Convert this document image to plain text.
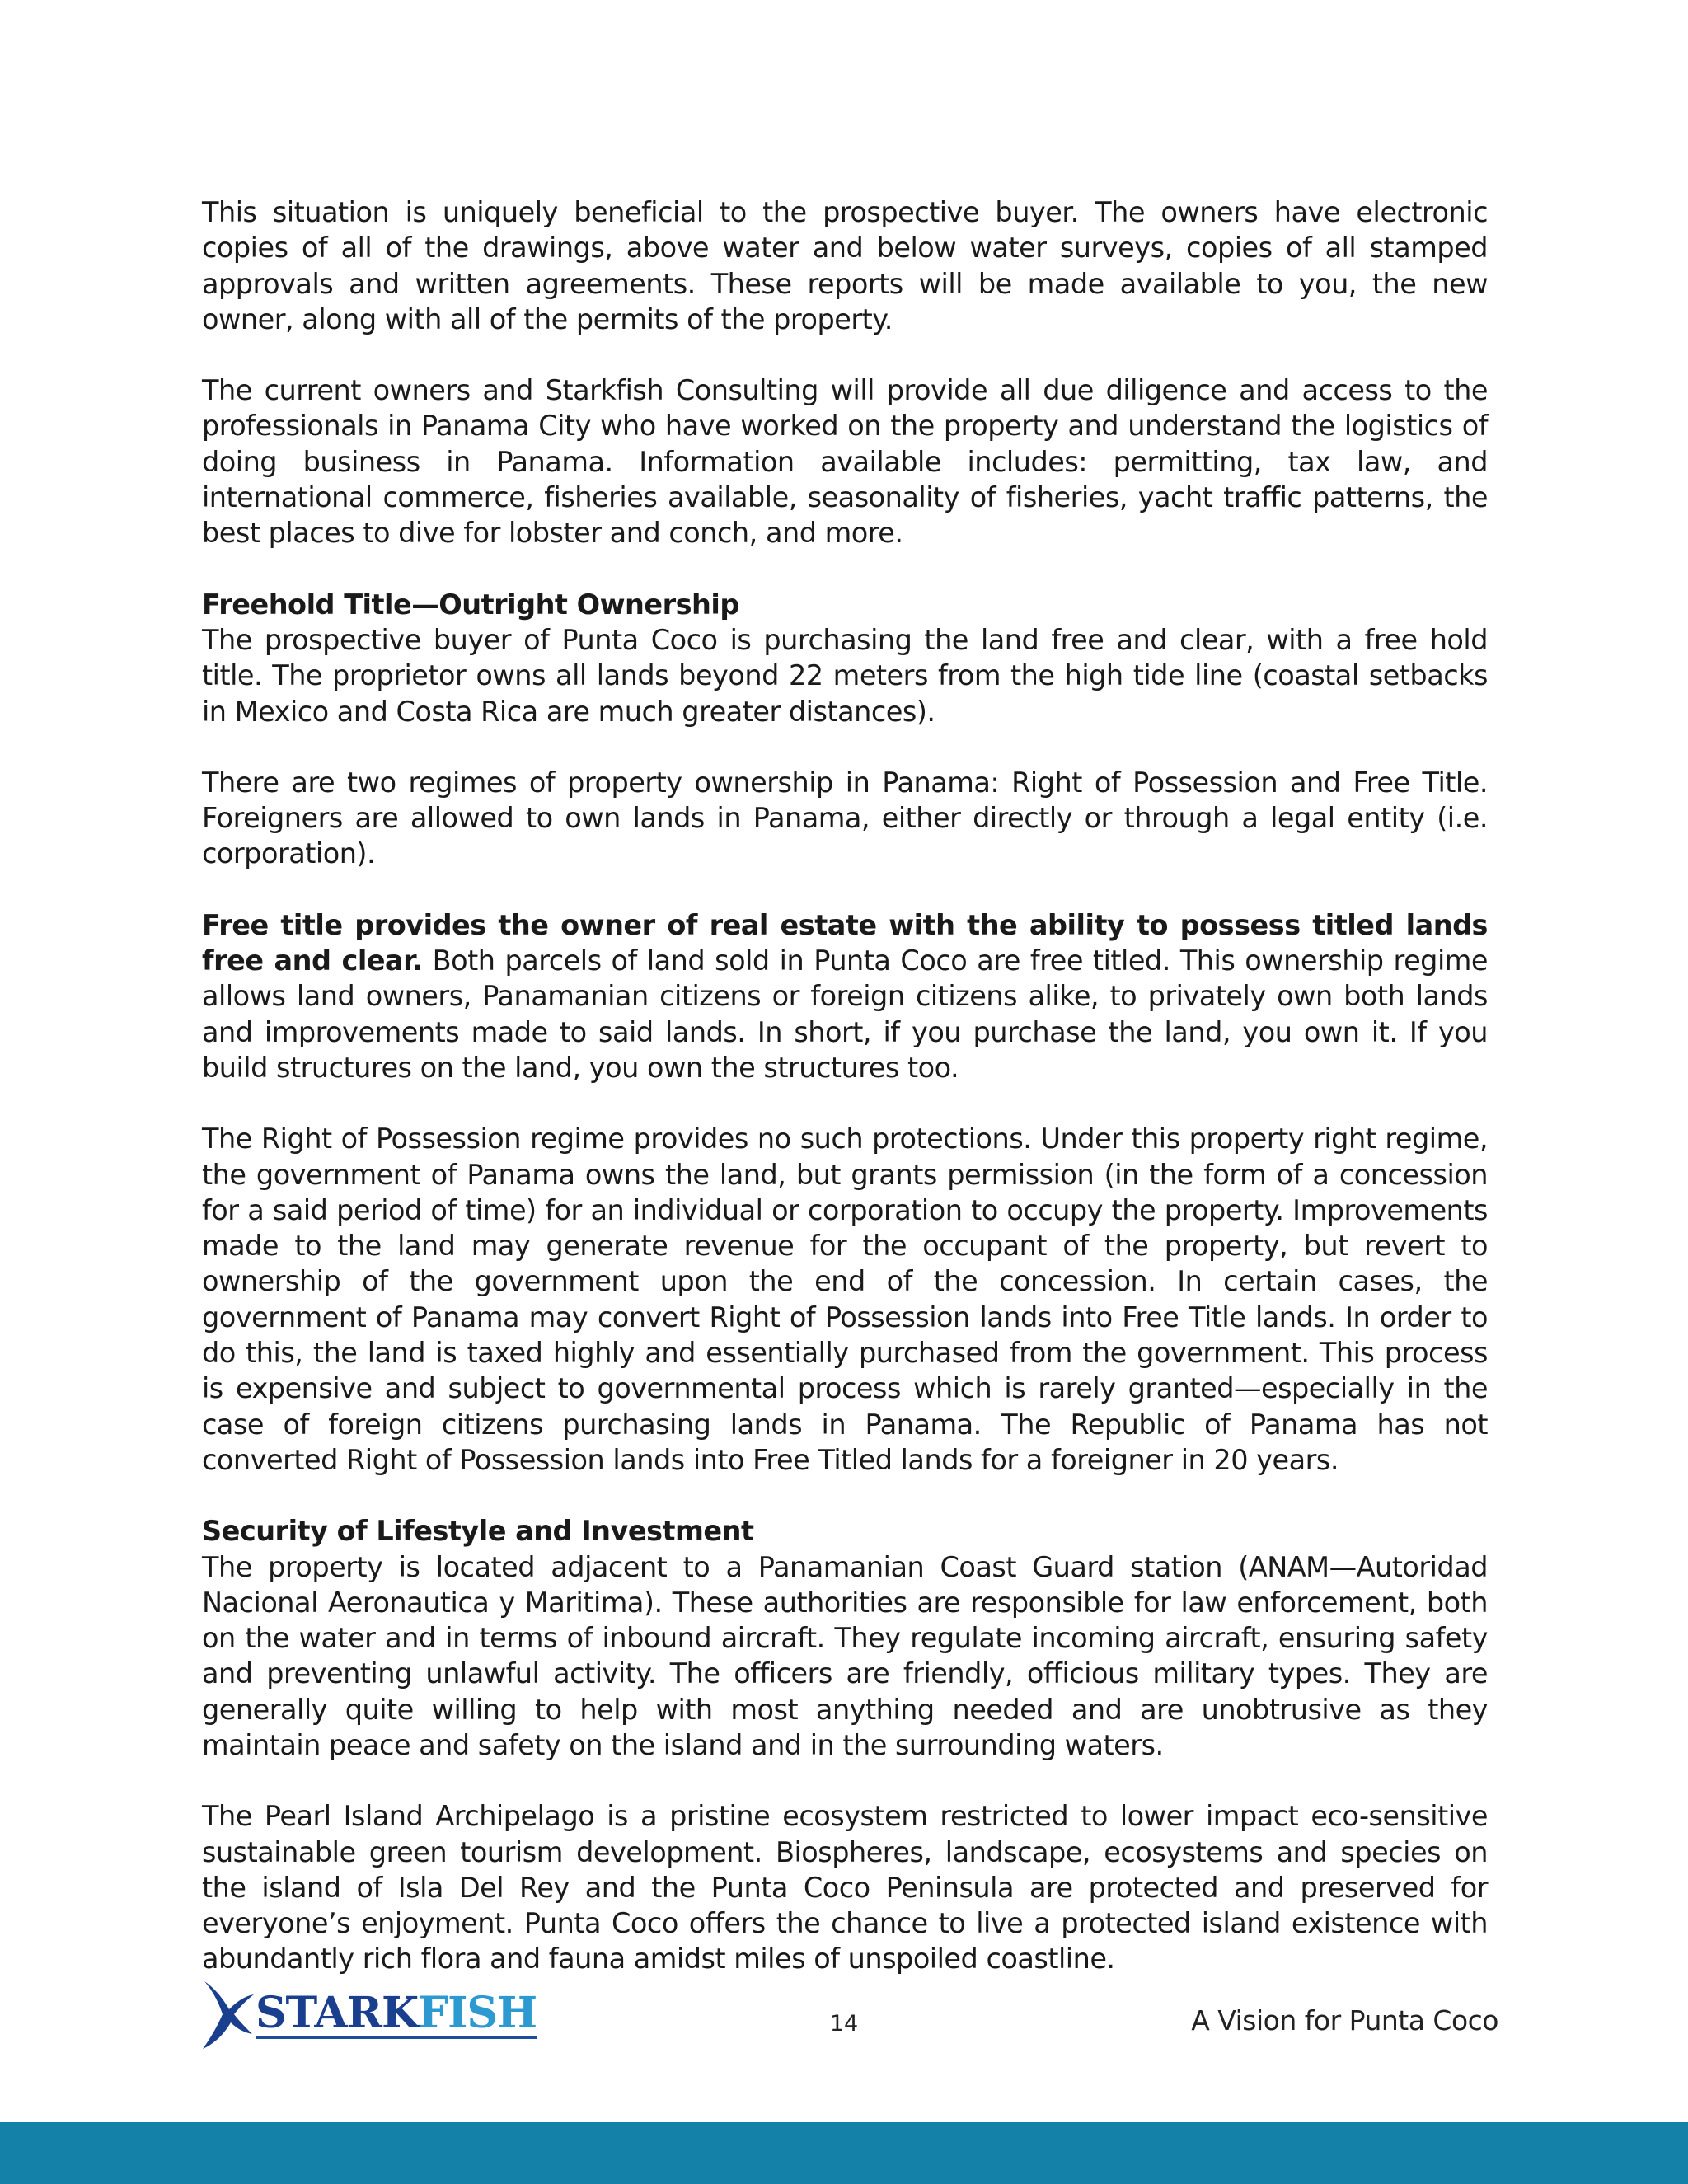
This situation is uniquely beneficial to the prospective buyer. The owners have electronic copies of all of the drawings, above water and below water surveys, copies of all stamped approvals and written agreements. These reports will be made available to you, the new owner, along with all of the permits of the property.

The current owners and Starkfish Consulting will provide all due diligence and access to the professionals in Panama City who have worked on the property and understand the logistics of doing business in Panama. Information available includes: permitting, tax law, and international commerce, fisheries available, seasonality of fisheries, yacht traffic patterns, the best places to dive for lobster and conch, and more.

Freehold Title—Outright Ownership
The prospective buyer of Punta Coco is purchasing the land free and clear, with a free hold title. The proprietor owns all lands beyond 22 meters from the high tide line (coastal setbacks in Mexico and Costa Rica are much greater distances).

There are two regimes of property ownership in Panama: Right of Possession and Free Title. Foreigners are allowed to own lands in Panama, either directly or through a legal entity (i.e. corporation).

Free title provides the owner of real estate with the ability to possess titled lands free and clear. Both parcels of land sold in Punta Coco are free titled. This ownership regime allows land owners, Panamanian citizens or foreign citizens alike, to privately own both lands and improvements made to said lands. In short, if you purchase the land, you own it. If you build structures on the land, you own the structures too.

The Right of Possession regime provides no such protections. Under this property right regime, the government of Panama owns the land, but grants permission (in the form of a concession for a said period of time) for an individual or corporation to occupy the property. Improvements made to the land may generate revenue for the occupant of the property, but revert to ownership of the government upon the end of the concession. In certain cases, the government of Panama may convert Right of Possession lands into Free Title lands. In order to do this, the land is taxed highly and essentially purchased from the government. This process is expensive and subject to governmental process which is rarely granted—especially in the case of foreign citizens purchasing lands in Panama. The Republic of Panama has not converted Right of Possession lands into Free Titled lands for a foreigner in 20 years.

Security of Lifestyle and Investment
The property is located adjacent to a Panamanian Coast Guard station (ANAM—Autoridad Nacional Aeronautica y Maritima). These authorities are responsible for law enforcement, both on the water and in terms of inbound aircraft. They regulate incoming aircraft, ensuring safety and preventing unlawful activity. The officers are friendly, officious military types. They are generally quite willing to help with most anything needed and are unobtrusive as they maintain peace and safety on the island and in the surrounding waters.

The Pearl Island Archipelago is a pristine ecosystem restricted to lower impact eco-sensitive sustainable green tourism development. Biospheres, landscape, ecosystems and species on the island of Isla Del Rey and the Punta Coco Peninsula are protected and preserved for everyone’s enjoyment. Punta Coco offers the chance to live a protected island existence with abundantly rich flora and fauna amidst miles of unspoiled coastline.

STARKFISH	14	A Vision for Punta Coco
